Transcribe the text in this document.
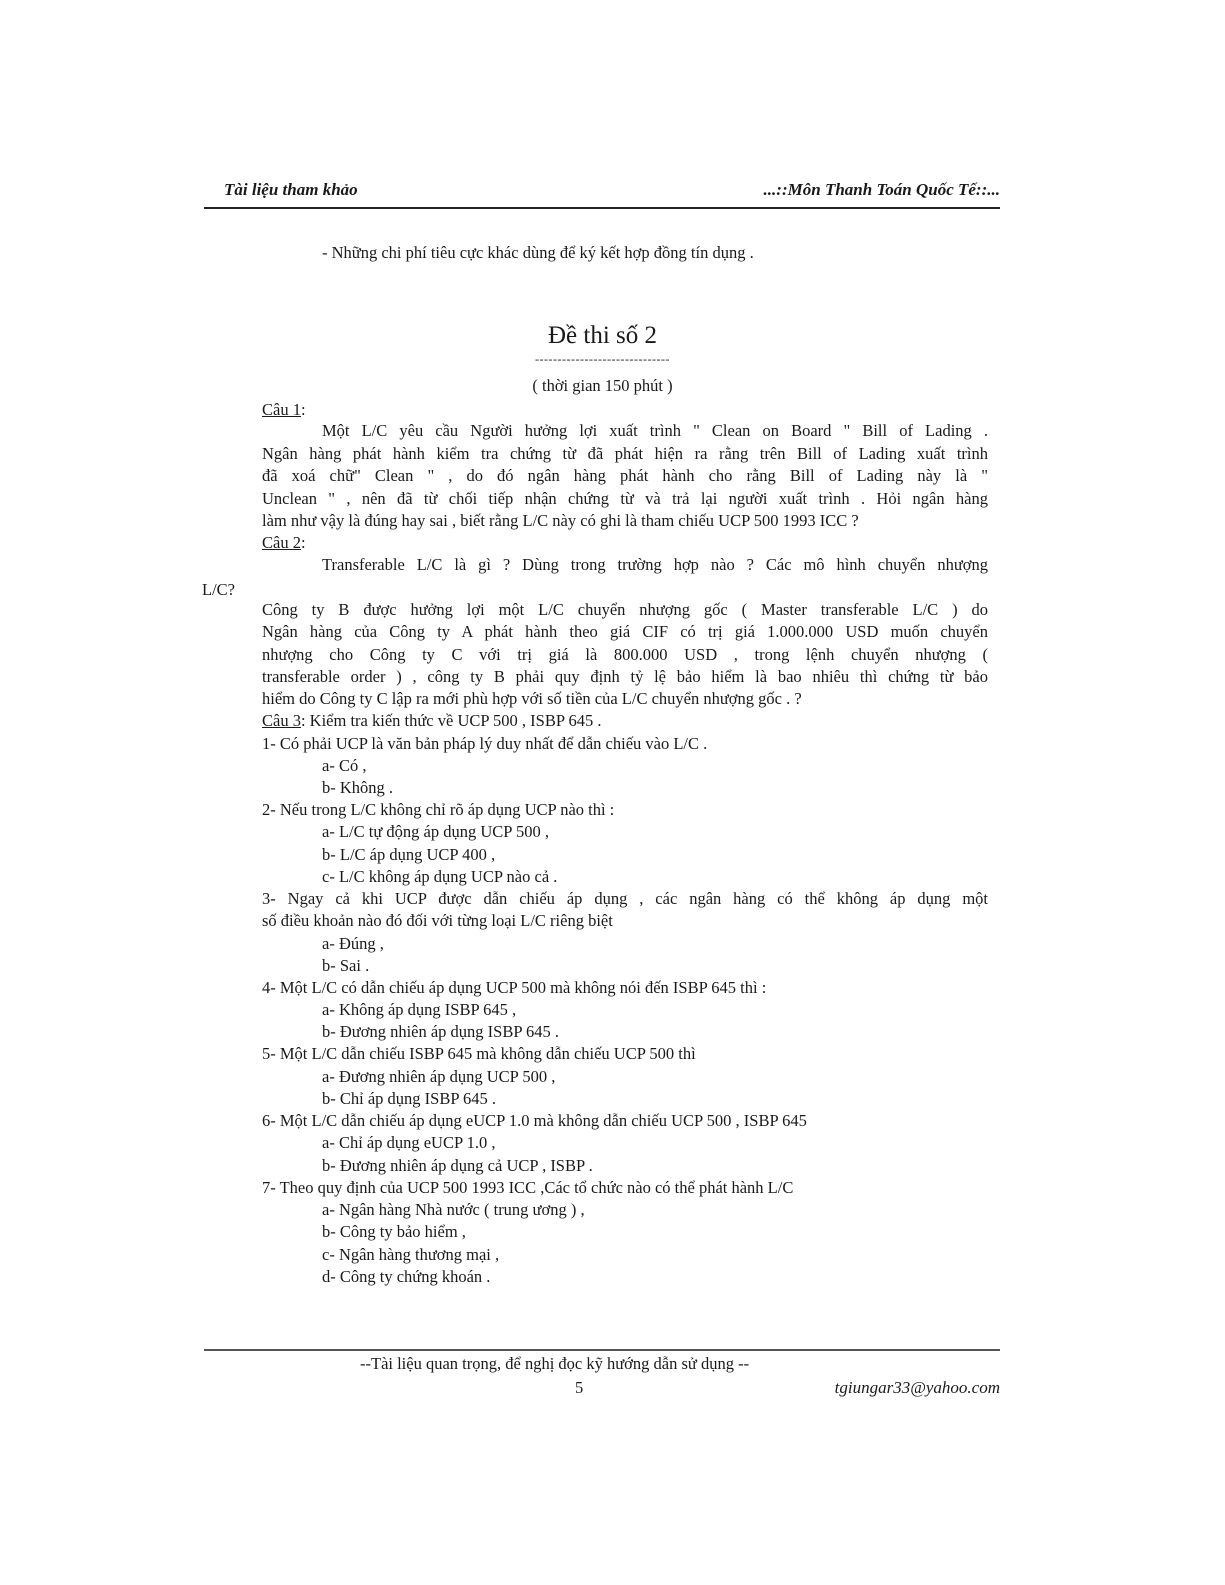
Tài liệu tham khảo	...::Môn Thanh Toán Quốc Tế::...
- Những chi phí tiêu cực khác dùng để ký kết hợp đồng tín dụng .
Đề thi số 2
------------------------------
( thời gian 150 phút )
Câu 1:
Một L/C yêu cầu Người hưởng lợi xuất trình " Clean on Board " Bill of Lading .
Ngân hàng phát hành kiểm tra chứng từ đã phát hiện ra rằng trên Bill of Lading xuất trình
đã xoá chữ" Clean " , do đó ngân hàng phát hành cho rằng Bill of Lading này là "
Unclean " , nên đã từ chối tiếp nhận chứng từ và trả lại người xuất trình . Hỏi ngân hàng
làm như vậy là đúng hay sai , biết rằng L/C này có ghi là tham chiếu UCP 500 1993 ICC ?
Câu 2:
Transferable L/C là gì ? Dùng trong trường hợp nào ? Các mô hình chuyển nhượng
L/C?
Công ty B được hưởng lợi một L/C chuyển nhượng gốc ( Master transferable L/C ) do
Ngân hàng của Công ty A phát hành theo giá CIF có trị giá 1.000.000 USD muốn chuyển
nhượng cho Công ty C với trị giá là 800.000 USD , trong lệnh chuyển nhượng (
transferable order ) , công ty B phải quy định tỷ lệ bảo hiểm là bao nhiêu thì chứng từ bảo
hiểm do Công ty C lập ra mới phù hợp với số tiền của L/C chuyển nhượng gốc . ?
Câu 3: Kiểm tra kiến thức về UCP 500 , ISBP 645 .
1- Có phải UCP là văn bản pháp lý duy nhất để dẫn chiếu vào L/C .
a- Có ,
b- Không .
2- Nếu trong L/C không chỉ rõ áp dụng UCP nào thì :
a- L/C tự động áp dụng UCP 500 ,
b- L/C áp dụng UCP 400 ,
c- L/C không áp dụng UCP nào cả .
3- Ngay cả khi UCP được dẫn chiếu áp dụng , các ngân hàng có thể không áp dụng một
số điều khoản nào đó đối với từng loại L/C riêng biệt
a- Đúng ,
b- Sai .
4- Một L/C có dẫn chiếu áp dụng UCP 500 mà không nói đến ISBP 645 thì :
a- Không áp dụng ISBP 645 ,
b- Đương nhiên áp dụng ISBP 645 .
5- Một L/C dẫn chiếu ISBP 645 mà không dẫn chiếu UCP 500 thì
a- Đương nhiên áp dụng UCP 500 ,
b- Chỉ áp dụng ISBP 645 .
6- Một L/C dẫn chiếu áp dụng eUCP 1.0 mà không dẫn chiếu UCP 500 , ISBP 645
a- Chỉ áp dụng eUCP 1.0 ,
b- Đương nhiên áp dụng cả UCP , ISBP .
7- Theo quy định của UCP 500 1993 ICC ,Các tổ chức nào có thể phát hành L/C
a- Ngân hàng Nhà nước ( trung ương ) ,
b- Công ty bảo hiểm ,
c- Ngân hàng thương mại ,
d- Công ty chứng khoán .
--Tài liệu quan trọng, để nghị đọc kỹ hướng dẫn sử dụng --
5	tgiungar33@yahoo.com
